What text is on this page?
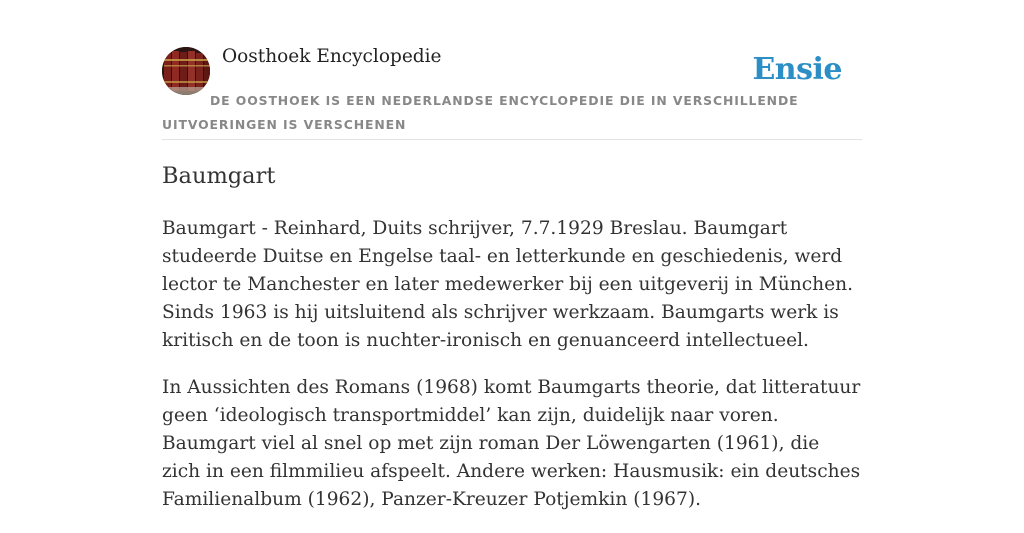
Oosthoek Encyclopedie	Ensie
DE OOSTHOEK IS EEN NEDERLANDSE ENCYCLOPEDIE DIE IN VERSCHILLENDE UITVOERINGEN IS VERSCHENEN
Baumgart

Baumgart - Reinhard, Duits schrijver, 7.7.1929 Breslau. Baumgart studeerde Duitse en Engelse taal- en letterkunde en geschiedenis, werd lector te Manchester en later medewerker bij een uitgeverij in München. Sinds 1963 is hij uitsluitend als schrijver werkzaam. Baumgarts werk is kritisch en de toon is nuchter-ironisch en genuanceerd intellectueel.

In Aussichten des Romans (1968) komt Baumgarts theorie, dat litteratuur geen ‘ideologisch transportmiddel’ kan zijn, duidelijk naar voren. Baumgart viel al snel op met zijn roman Der Löwengarten (1961), die zich in een filmmilieu afspeelt. Andere werken: Hausmusik: ein deutsches Familienalbum (1962), Panzer-Kreuzer Potjemkin (1967).
